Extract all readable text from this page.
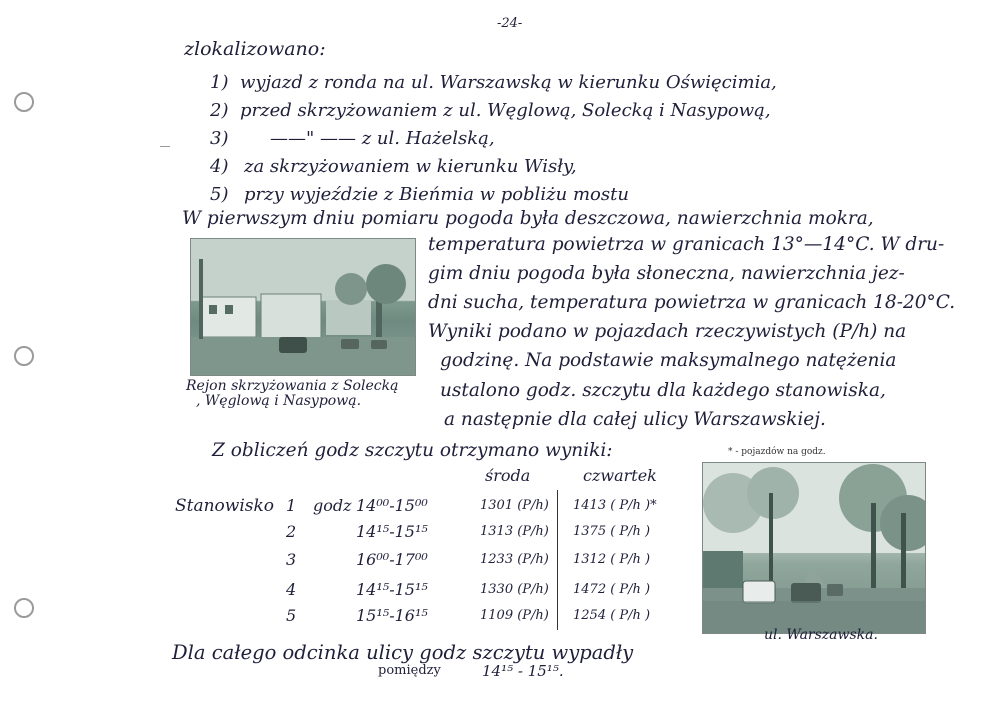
-24-
zlokalizowano:
1) wyjazd z ronda na ul. Warszawską w kierunku Oświęcimia,
2) przed skrzyżowaniem z ul. Węglową, Solecką i Nasypową,
3) ——" —— z ul. Hażelską,
4) za skrzyżowaniem w kierunku Wisły,
5) przy wyjeździe z Bieńmia w pobliżu mostu
W pierwszym dniu pomiaru pogoda była deszczowa, nawierzchnia mokra,
temperatura powietrza w granicach 13°—14°C. W dru-
gim dniu pogoda była słoneczna, nawierzchnia jez-
dni sucha, temperatura powietrza w granicach 18-20°C.
Wyniki podano w pojazdach rzeczywistych (P/h) na
godzinę. Na podstawie maksymalnego natężenia
ustalono godz. szczytu dla każdego stanowiska,
a następnie dla całej ulicy Warszawskiej.
Rejon skrzyżowania z Solecką
, Węglową i Nasypową.
Z obliczeń godz szczytu otrzymano wyniki:
środa	czwartek
* - pojazdów na godz.
Stanowisko godz
1	14⁰⁰-15⁰⁰	1301 (P/h) 1413 ( P/h )*
2	14¹⁵-15¹⁵	1313 (P/h) 1375 ( P/h )
3	16⁰⁰-17⁰⁰	1233 (P/h) 1312 ( P/h )
4	14¹⁵-15¹⁵	1330 (P/h) 1472 ( P/h )
5	15¹⁵-16¹⁵	1109 (P/h) 1254 ( P/h )
ul. Warszawska.
Dla całego odcinka ulicy godz szczytu wypadły
pomiędzy	14¹⁵ - 15¹⁵.
